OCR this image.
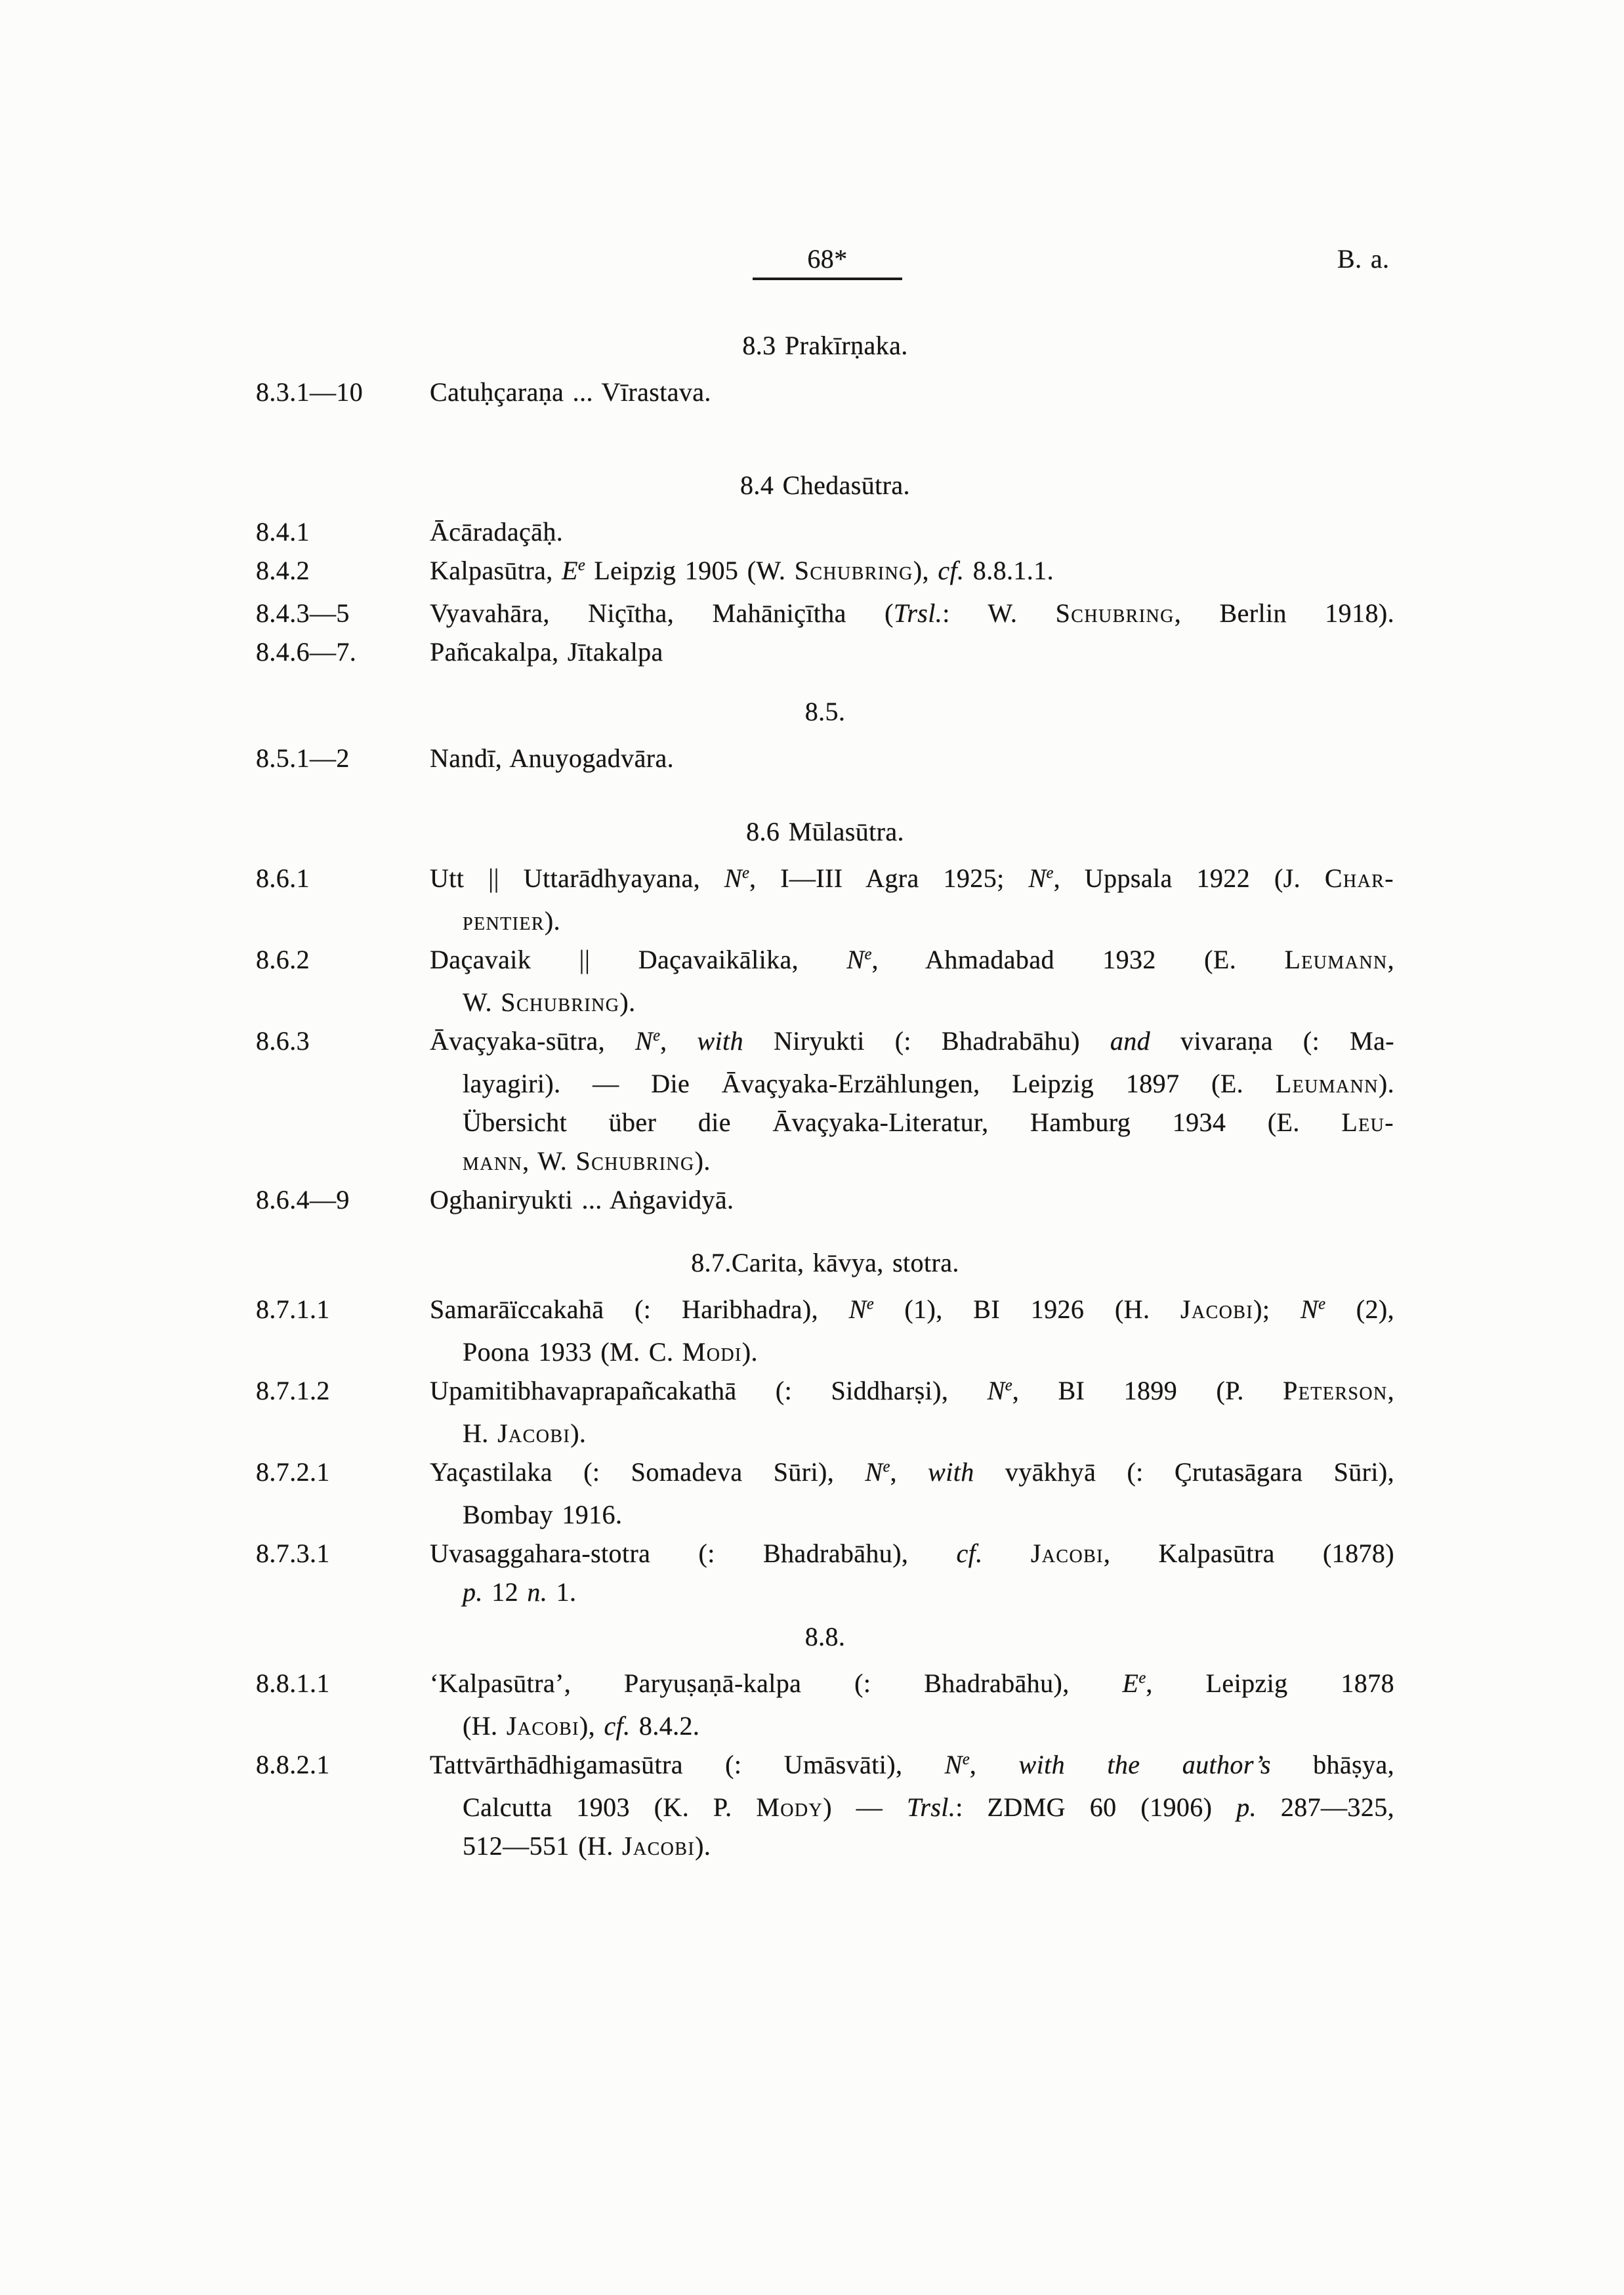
68*	B. a.
8.3 Prakīrṇaka.
8.3.1—10	Catuḥçaraṇa ... Vīrastava.
8.4 Chedasūtra.
8.4.1	Ācāradaçāḥ.
8.4.2	Kalpasūtra, $E^e$ Leipzig 1905 (W. Schubring), cf. 8.8.1.1.
8.4.3—5	Vyavahāra, Niçītha, Mahāniçītha (Trsl.: W. Schubring, Berlin 1918).
8.4.6—7.	Pañcakalpa, Jītakalpa
8.5.
8.5.1—2	Nandī, Anuyogadvāra.
8.6 Mūlasūtra.
8.6.1	Utt || Uttarādhyayana, $N^e$, I—III Agra 1925; $N^e$, Uppsala 1922 (J. Char-
pentier).
8.6.2	Daçavaik || Daçavaikālika, $N^e$, Ahmadabad 1932 (E. Leumann,
W. Schubring).
8.6.3	Āvaçyaka-sūtra, $N^e$, with Niryukti (: Bhadrabāhu) and vivaraṇa (: Ma-
layagiri). — Die Āvaçyaka-Erzählungen, Leipzig 1897 (E. Leumann).
Übersicht über die Āvaçyaka-Literatur, Hamburg 1934 (E. Leu-
mann, W. Schubring).
8.6.4—9	Oghaniryukti ... Aṅgavidyā.
8.7.Carita, kāvya, stotra.
8.7.1.1	Samarāïccakahā (: Haribhadra), $N^e$ (1), BI 1926 (H. Jacobi); $N^e$ (2),
Poona 1933 (M. C. Modi).
8.7.1.2	Upamitibhavaprapañcakathā (: Siddharṣi), $N^e$, BI 1899 (P. Peterson,
H. Jacobi).
8.7.2.1	Yaçastilaka (: Somadeva Sūri), $N^e$, with vyākhyā (: Çrutasāgara Sūri),
Bombay 1916.
8.7.3.1	Uvasaggahara-stotra (: Bhadrabāhu), cf. Jacobi, Kalpasūtra (1878)
p. 12 n. 1.
8.8.
8.8.1.1	‘Kalpasūtra’, Paryuṣaṇā-kalpa (: Bhadrabāhu), $E^e$, Leipzig 1878
(H. Jacobi), cf. 8.4.2.
8.8.2.1	Tattvārthādhigamasūtra (: Umāsvāti), $N^e$, with the author’s bhāṣya,
Calcutta 1903 (K. P. Mody) — Trsl.: ZDMG 60 (1906) p. 287—325,
512—551 (H. Jacobi).
